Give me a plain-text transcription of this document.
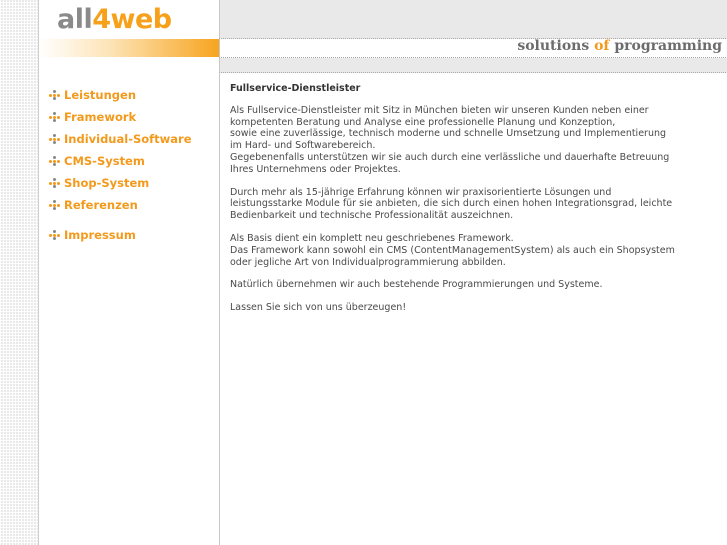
all4web
solutions of programming
Leistungen
Framework
Individual-Software
CMS-System
Shop-System
Referenzen
Impressum
Fullservice-Dienstleister

Als Fullservice-Dienstleister mit Sitz in München bieten wir unseren Kunden neben einer
kompetenten Beratung und Analyse eine professionelle Planung und Konzeption,
sowie eine zuverlässige, technisch moderne und schnelle Umsetzung und Implementierung
im Hard- und Softwarebereich.
Gegebenenfalls unterstützen wir sie auch durch eine verlässliche und dauerhafte Betreuung
Ihres Unternehmens oder Projektes.

Durch mehr als 15-jährige Erfahrung können wir praxisorientierte Lösungen und
leistungsstarke Module für sie anbieten, die sich durch einen hohen Integrationsgrad, leichte
Bedienbarkeit und technische Professionalität auszeichnen.

Als Basis dient ein komplett neu geschriebenes Framework.
Das Framework kann sowohl ein CMS (ContentManagementSystem) als auch ein Shopsystem
oder jegliche Art von Individualprogrammierung abbilden.

Natürlich übernehmen wir auch bestehende Programmierungen und Systeme.

Lassen Sie sich von uns überzeugen!
